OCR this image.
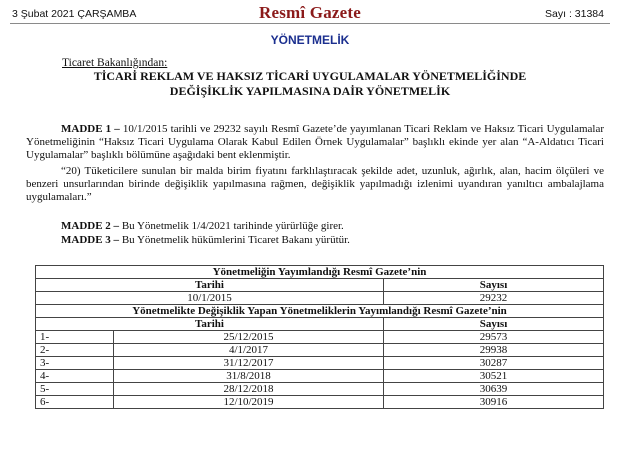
3 Şubat 2021 ÇARŞAMBA	Resmî Gazete	Sayı : 31384
YÖNETMELİK
Ticaret Bakanlığından:
TİCARİ REKLAM VE HAKSIZ TİCARİ UYGULAMALAR YÖNETMELİĞİNDE
DEĞİŞİKLİK YAPILMASINA DAİR YÖNETMELİK
MADDE 1 – 10/1/2015 tarihli ve 29232 sayılı Resmî Gazete’de yayımlanan Ticari Reklam ve Haksız Ticari Uygulamalar Yönetmeliğinin “Haksız Ticari Uygulama Olarak Kabul Edilen Örnek Uygulamalar” başlıklı ekinde yer alan “A-Aldatıcı Ticari Uygulamalar” başlıklı bölümüne aşağıdaki bent eklenmiştir.
“20) Tüketicilere sunulan bir malda birim fiyatını farklılaştıracak şekilde adet, uzunluk, ağırlık, alan, hacim ölçüleri ve benzeri unsurlarından birinde değişiklik yapılmasına rağmen, değişiklik yapılmadığı izlenimi uyandıran yanıltıcı ambalajlama uygulamaları.”
MADDE 2 – Bu Yönetmelik 1/4/2021 tarihinde yürürlüğe girer.
MADDE 3 – Bu Yönetmelik hükümlerini Ticaret Bakanı yürütür.
Yönetmeliğin Yayımlandığı Resmî Gazete’nin		
Tarihi		Sayısı
10/1/2015		29232
Yönetmelikte Değişiklik Yapan Yönetmeliklerin Yayımlandığı Resmî Gazete’nin		
Tarihi		Sayısı
1-	25/12/2015	29573
2-	4/1/2017	29938
3-	31/12/2017	30287
4-	31/8/2018	30521
5-	28/12/2018	30639
6-	12/10/2019	30916
